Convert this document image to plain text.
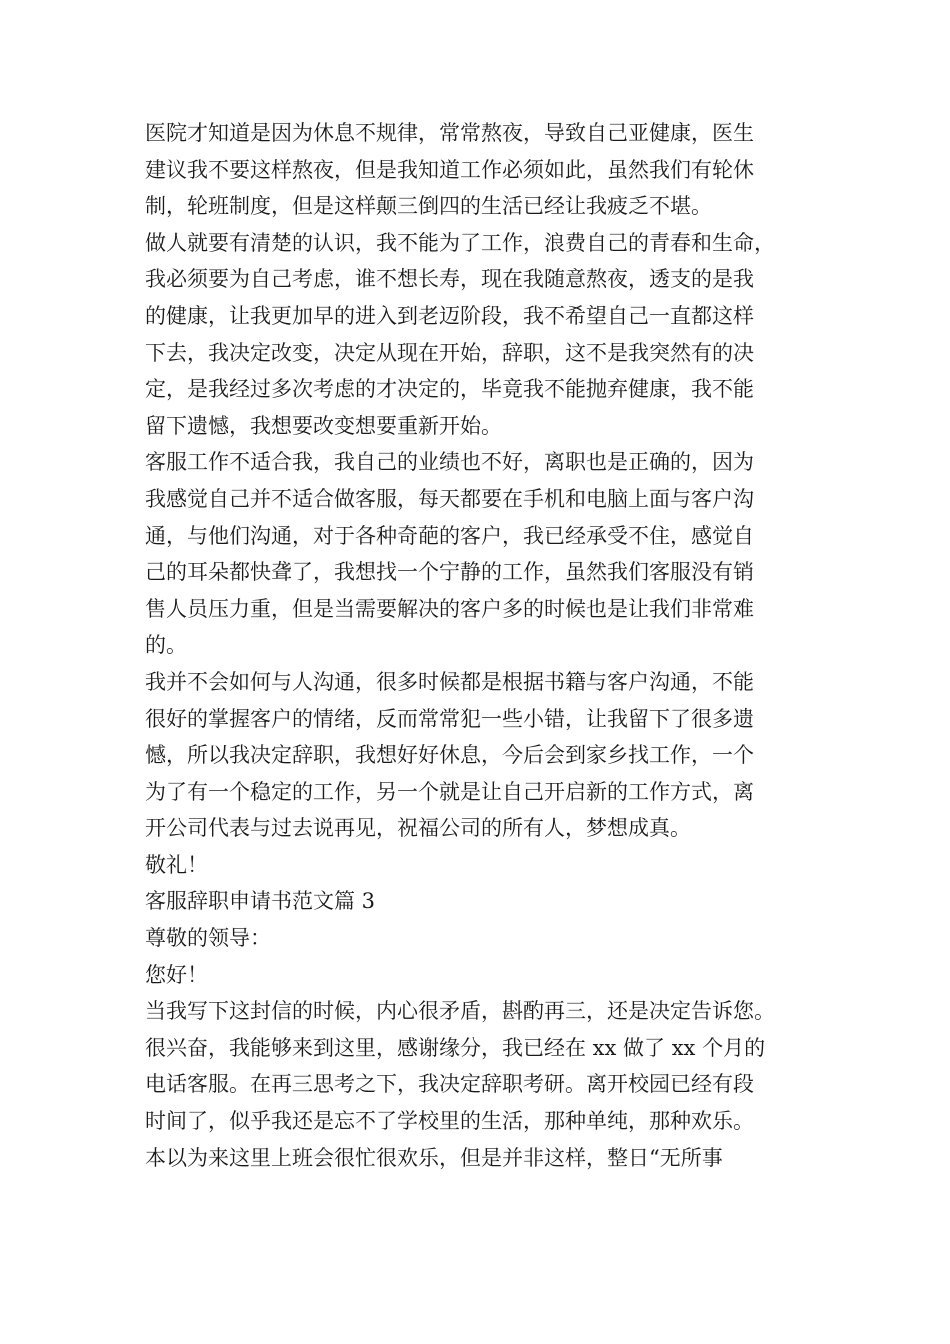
医院才知道是因为休息不规律，常常熬夜，导致自己亚健康，医生
建议我不要这样熬夜，但是我知道工作必须如此，虽然我们有轮休
制，轮班制度，但是这样颠三倒四的生活已经让我疲乏不堪。
做人就要有清楚的认识，我不能为了工作，浪费自己的青春和生命，
我必须要为自己考虑，谁不想长寿，现在我随意熬夜，透支的是我
的健康，让我更加早的进入到老迈阶段，我不希望自己一直都这样
下去，我决定改变，决定从现在开始，辞职，这不是我突然有的决
定，是我经过多次考虑的才决定的，毕竟我不能抛弃健康，我不能
留下遗憾，我想要改变想要重新开始。
客服工作不适合我，我自己的业绩也不好，离职也是正确的，因为
我感觉自己并不适合做客服，每天都要在手机和电脑上面与客户沟
通，与他们沟通，对于各种奇葩的客户，我已经承受不住，感觉自
己的耳朵都快聋了，我想找一个宁静的工作，虽然我们客服没有销
售人员压力重，但是当需要解决的客户多的时候也是让我们非常难
的。
我并不会如何与人沟通，很多时候都是根据书籍与客户沟通，不能
很好的掌握客户的情绪，反而常常犯一些小错，让我留下了很多遗
憾，所以我决定辞职，我想好好休息，今后会到家乡找工作，一个
为了有一个稳定的工作，另一个就是让自己开启新的工作方式，离
开公司代表与过去说再见，祝福公司的所有人，梦想成真。
敬礼！
客服辞职申请书范文篇 3
尊敬的领导：
您好！
当我写下这封信的时候，内心很矛盾，斟酌再三，还是决定告诉您。
很兴奋，我能够来到这里，感谢缘分，我已经在 xx 做了 xx 个月的
电话客服。在再三思考之下，我决定辞职考研。离开校园已经有段
时间了，似乎我还是忘不了学校里的生活，那种单纯，那种欢乐。
本以为来这里上班会很忙很欢乐，但是并非这样，整日“无所事
